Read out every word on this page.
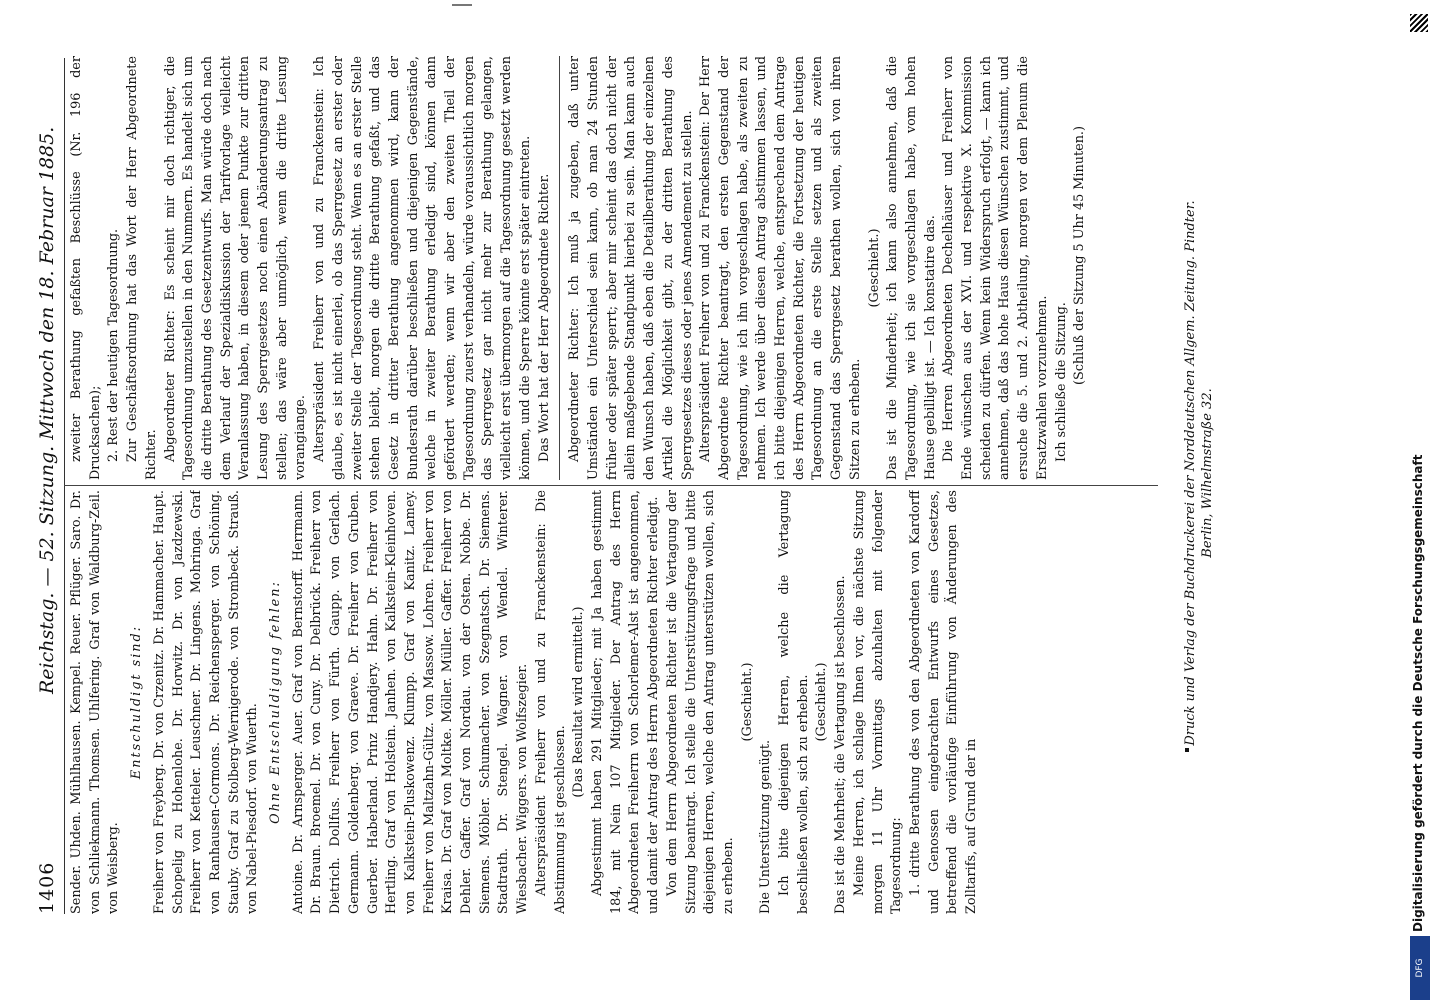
1406
Reichstag. — 52. Sitzung. Mittwoch den 18. Februar 1885.

Sender. Uhden. Mühlhausen. Kempel. Reuer. Pflüger. Saro. Dr. von Schliekmann. Thomsen. Uhlfering. Graf von Waldburg-Zeil. von Weisberg.

Entschuldigt sind: Freiherr von Freyberg. Dr. von Crzenitz. Dr. Hammacher. Haupt. Schopelig zu Hohenlohe. Dr. Horwitz. Dr. von Jazdzewski. Freiherr von Ketteler. Leuschner. Dr. Lingens. Mohringa. Graf von Ranhausen-Cormons. Dr. Reichensperger. von Schöning. Stauby. Graf zu Stolberg-Wernigerode. von Strombeck. Strauß. von Nabel-Piesdorf. von Wuerth. Ohne Entschuldigung fehlen: Antoine. Dr. Arnsperger. Auer. Graf von Bernstorff. Herrmann. Dr. Braun. Broemel. Dr. von Cuny. Dr. Delbrück. Freiherr von Dietrich. Dollfus. Freiherr von Fürth. Gaupp. von Gerlach. Germann. Goldenberg. von Graeve. Dr. Freiherr von Gruben. Guerber. Haberland. Prinz Handjery. Hahn. Dr. Freiherr von Hertling. Graf von Holstein. Janhen. von Kalkstein-Kleinhoven. von Kalkstein-Pluskowenz. Klumpp. Graf von Kanitz. Lamey. Freiherr von Maltzahn-Gültz. von Massow. Lohren. Freiherr von Kraisa. Dr. Graf von Moltke. Möller. Müller. Gaffer. Freiherr von Dehler. Gaffer. Graf von Nordau. von der Osten. Nobbe. Dr. Siemens. Möbler. Schumacher. von Szegnatsch. Dr. Siemens. Stadtrath. Dr. Stengel. Wagner. von Wendel. Winterer. Wiesbacher. Wiggers. von Wolfszegier. Alterspräsident Freiherr von und zu Franckenstein: Die Abstimmung ist geschlossen.

(Das Resultat wird ermittelt.) Abgestimmt haben 291 Mitglieder; mit Ja haben gestimmt 184, mit Nein 107 Mitglieder. Der Antrag des Herrn Abgeordneten Freiherrn von Schorlemer-Alst ist angenommen, und damit der Antrag des Herrn Abgeordneten Richter erledigt. Von dem Herrn Abgeordneten Richter ist die Vertagung der Sitzung beantragt. Ich stelle die Unterstützungsfrage und bitte diejenigen Herren, welche den Antrag unterstützen wollen, sich zu erheben.

(Geschieht.)

Die Unterstützung genügt. Ich bitte diejenigen Herren, welche die Vertagung beschließen wollen, sich zu erheben. (Geschieht.) Das ist die Mehrheit; die Vertagung ist beschlossen. Meine Herren, ich schlage Ihnen vor, die nächste Sitzung morgen 11 Uhr Vormittags abzuhalten mit folgender Tagesordnung: 1. dritte Berathung des von den Abgeordneten von Kardorff und Genossen eingebrachten Entwurfs eines Gesetzes, betreffend die vorläufige Einführung von Änderungen des Zolltarifs, auf Grund der in

zweiter Berathung gefaßten Beschlüsse (Nr. 196 der Drucksachen); 2. Rest der heutigen Tagesordnung. Zur Geschäftsordnung hat das Wort der Herr Abgeordnete Richter. Abgeordneter Richter: Es scheint mir doch richtiger, die Tagesordnung umzustellen in den Nummern. Es handelt sich um die dritte Berathung des Gesetzentwurfs. Man würde doch nach dem Verlauf der Spezialdiskussion der Tarifvorlage vielleicht Veranlassung haben, in diesem oder jenem Punkte zur dritten Lesung des Sperrgesetzes noch einen Abänderungsantrag zu stellen; das wäre aber unmöglich, wenn die dritte Lesung vorangiange. Alterspräsident Freiherr von und zu Franckenstein: Ich glaube, es ist nicht einerlei, ob das Sperrgesetz an erster oder zweiter Stelle der Tagesordnung steht. Wenn es an erster Stelle stehen bleibt, morgen die dritte Berathung gefaßt, und das Gesetz in dritter Berathung angenommen wird, kann der Bundesrath darüber beschließen und diejenigen Gegenstände, welche in zweiter Berathung erledigt sind, können dann gefördert werden; wenn wir aber den zweiten Theil der Tagesordnung zuerst verhandeln, würde voraussichtlich morgen das Sperrgesetz gar nicht mehr zur Berathung gelangen, vielleicht erst übermorgen auf die Tagesordnung gesetzt werden können, und die Sperre könnte erst später eintreten. Das Wort hat der Herr Abgeordnete Richter. Abgeordneter Richter: Ich muß ja zugeben, daß unter Umständen ein Unterschied sein kann, ob man 24 Stunden früher oder später sperrt; aber mir scheint das doch nicht der allein maßgebende Standpunkt hierbei zu sein. Man kann auch den Wunsch haben, daß eben die Detailberathung der einzelnen Artikel die Möglichkeit gibt, zu der dritten Berathung des Sperrgesetzes dieses oder jenes Amendement zu stellen. Alterspräsident Freiherr von und zu Franckenstein: Der Herr Abgeordnete Richter beantragt, den ersten Gegenstand der Tagesordnung, wie ich ihn vorgeschlagen habe, als zweiten zu nehmen. Ich werde über diesen Antrag abstimmen lassen, und ich bitte diejenigen Herren, welche, entsprechend dem Antrage des Herrn Abgeordneten Richter, die Fortsetzung der heutigen Tagesordnung an die erste Stelle setzen und als zweiten Gegenstand das Sperrgesetz berathen wollen, sich von ihren Sitzen zu erheben.

(Geschieht.) Das ist die Minderheit; ich kann also annehmen, daß die Tagesordnung, wie ich sie vorgeschlagen habe, vom hohen Hause gebilligt ist. — Ich konstatire das. Die Herren Abgeordneten Dechelhäuser und Freiherr von Ende wünschen aus der XVI. und respektive X. Kommission scheiden zu dürfen. Wenn kein Widerspruch erfolgt, — kann ich annehmen, daß das hohe Haus diesen Wünschen zustimmt, und ersuche die 5. und 2. Abtheilung, morgen vor dem Plenum die Ersatzwahlen vorzunehmen. Ich schließe die Sitzung. (Schluß der Sitzung 5 Uhr 45 Minuten.)	Druck und Verlag der Buchdruckerei der Norddeutschen Allgem. Zeitung. Pindter. Berlin, Wilhelmstraße 32.
DFG
Digitalisierung gefördert durch die Deutsche Forschungsgemeinschaft
